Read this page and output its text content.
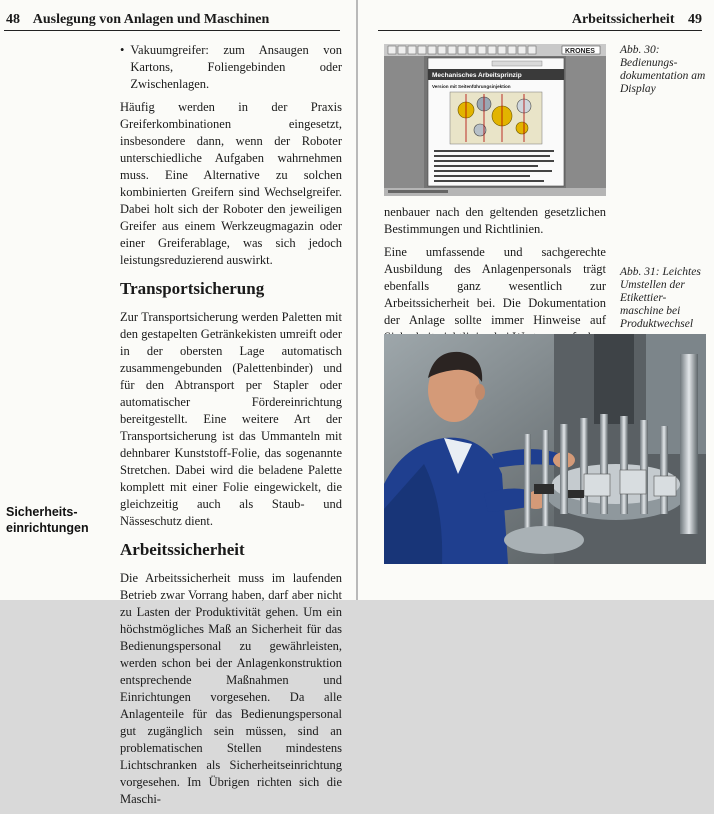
48 Auslegung von Anlagen und Maschinen
• Vakuumgreifer: zum Ansaugen von Kartons, Foliengebinden oder Zwischenlagen.

Häufig werden in der Praxis Greiferkombinationen eingesetzt, insbesondere dann, wenn der Roboter unterschiedliche Aufgaben wahrnehmen muss. Eine Alternative zu solchen kombinierten Greifern sind Wechselgreifer. Dabei holt sich der Roboter den jeweiligen Greifer aus einem Werkzeugmagazin oder einer Greiferablage, was sich jedoch leistungsreduzierend auswirkt.

Transportsicherung

Zur Transportsicherung werden Paletten mit den gestapelten Getränkekisten umreift oder in der obersten Lage automatisch zusammengebunden (Palettenbinder) und für den Abtransport per Stapler oder automatischer Fördereinrichtung bereitgestellt. Eine weitere Art der Transportsicherung ist das Ummanteln mit dehnbarer Kunststoff-Folie, das sogenannte Stretchen. Dabei wird die beladene Palette komplett mit einer Folie eingewickelt, die gleichzeitig auch als Staub- und Nässeschutz dient.

Arbeitssicherheit

Die Arbeitssicherheit muss im laufenden Betrieb zwar Vorrang haben, darf aber nicht zu Lasten der Produktivität gehen. Um ein höchstmögliches Maß an Sicherheit für das Bedienungspersonal zu gewährleisten, werden schon bei der Anlagenkonstruktion entsprechende Maßnahmen und Einrichtungen vorgesehen. Da alle Anlagenteile für das Bedienungspersonal gut zugänglich sein müssen, sind an problematischen Stellen mindestens Lichtschranken als Sicherheitseinrichtung vorgesehen. Im Übrigen richten sich die Maschi-

Sicherheits-einrichtungen
Arbeitssicherheit 49
KRONES
Mechanisches Arbeitsprinzip
Version mit Seitenführungsinjektion
Abb. 30: Bedienungs-dokumentation am Display

nenbauer nach den geltenden gesetzlichen Bestimmungen und Richtlinien.

Eine umfassende und sachgerechte Ausbildung des Anlagenpersonals trägt ebenfalls ganz wesentlich zur Arbeitssicherheit bei. Die Dokumentation der Anlage sollte immer Hinweise auf

Abb. 31: Leichtes Umstellen der Etikettier-maschine bei Produktwechsel
